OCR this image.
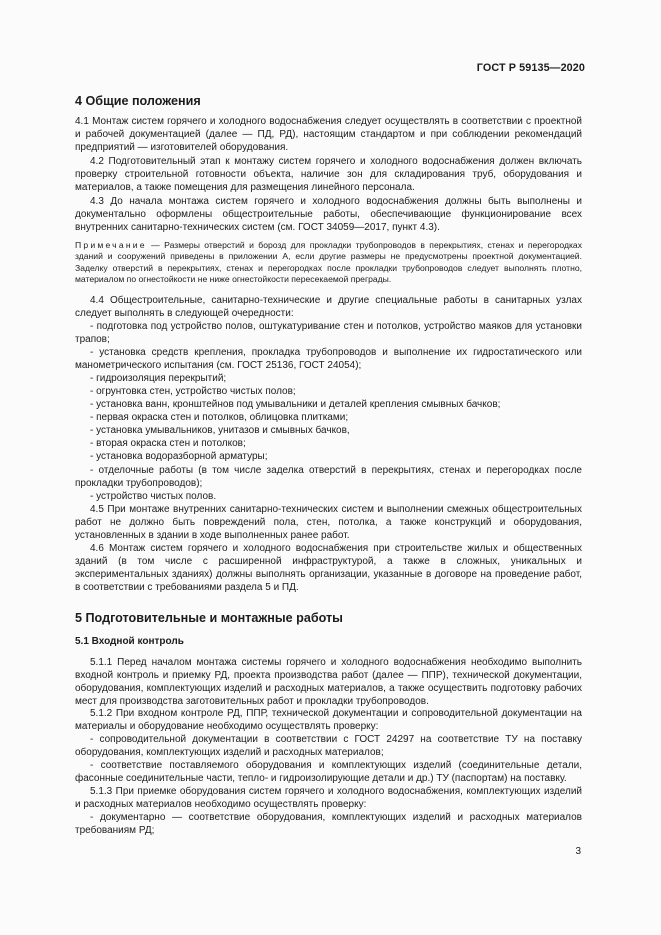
ГОСТ Р 59135—2020
4 Общие положения

4.1 Монтаж систем горячего и холодного водоснабжения следует осуществлять в соответствии с проектной и рабочей документацией (далее — ПД, РД), настоящим стандартом и при соблюдении рекомендаций предприятий — изготовителей оборудования.

4.2 Подготовительный этап к монтажу систем горячего и холодного водоснабжения должен включать проверку строительной готовности объекта, наличие зон для складирования труб, оборудования и материалов, а также помещения для размещения линейного персонала.

4.3 До начала монтажа систем горячего и холодного водоснабжения должны быть выполнены и документально оформлены общестроительные работы, обеспечивающие функционирование всех внутренних санитарно-технических систем (см. ГОСТ 34059—2017, пункт 4.3).

Примечание — Размеры отверстий и борозд для прокладки трубопроводов в перекрытиях, стенах и перегородках зданий и сооружений приведены в приложении А, если другие размеры не предусмотрены проектной документацией. Заделку отверстий в перекрытиях, стенах и перегородках после прокладки трубопроводов следует выполнять плотно, материалом по огнестойкости не ниже огнестойкости пересекаемой преграды.

4.4 Общестроительные, санитарно-технические и другие специальные работы в санитарных узлах следует выполнять в следующей очередности:

- подготовка под устройство полов, оштукатуривание стен и потолков, устройство маяков для установки трапов;

- установка средств крепления, прокладка трубопроводов и выполнение их гидростатического или манометрического испытания (см. ГОСТ 25136, ГОСТ 24054);

- гидроизоляция перекрытий;

- огрунтовка стен, устройство чистых полов;

- установка ванн, кронштейнов под умывальники и деталей крепления смывных бачков;

- первая окраска стен и потолков, облицовка плитками;

- установка умывальников, унитазов и смывных бачков,

- вторая окраска стен и потолков;

- установка водоразборной арматуры;

- отделочные работы (в том числе заделка отверстий в перекрытиях, стенах и перегородках после прокладки трубопроводов);

- устройство чистых полов.

4.5 При монтаже внутренних санитарно-технических систем и выполнении смежных общестроительных работ не должно быть повреждений пола, стен, потолка, а также конструкций и оборудования, установленных в здании в ходе выполненных ранее работ.

4.6 Монтаж систем горячего и холодного водоснабжения при строительстве жилых и общественных зданий (в том числе с расширенной инфраструктурой, а также в сложных, уникальных и экспериментальных зданиях) должны выполнять организации, указанные в договоре на проведение работ, в соответствии с требованиями раздела 5 и ПД.

5 Подготовительные и монтажные работы
5.1 Входной контроль

5.1.1 Перед началом монтажа системы горячего и холодного водоснабжения необходимо выполнить входной контроль и приемку РД, проекта производства работ (далее — ППР), технической документации, оборудования, комплектующих изделий и расходных материалов, а также осуществить подготовку рабочих мест для производства заготовительных работ и прокладки трубопроводов.

5.1.2 При входном контроле РД, ППР, технической документации и сопроводительной документации на материалы и оборудование необходимо осуществлять проверку:

- сопроводительной документации в соответствии с ГОСТ 24297 на соответствие ТУ на поставку оборудования, комплектующих изделий и расходных материалов;

- соответствие поставляемого оборудования и комплектующих изделий (соединительные детали, фасонные соединительные части, тепло- и гидроизолирующие детали и др.) ТУ (паспортам) на поставку.

5.1.3 При приемке оборудования систем горячего и холодного водоснабжения, комплектующих изделий и расходных материалов необходимо осуществлять проверку:

- документарно — соответствие оборудования, комплектующих изделий и расходных материалов требованиям РД;

3
